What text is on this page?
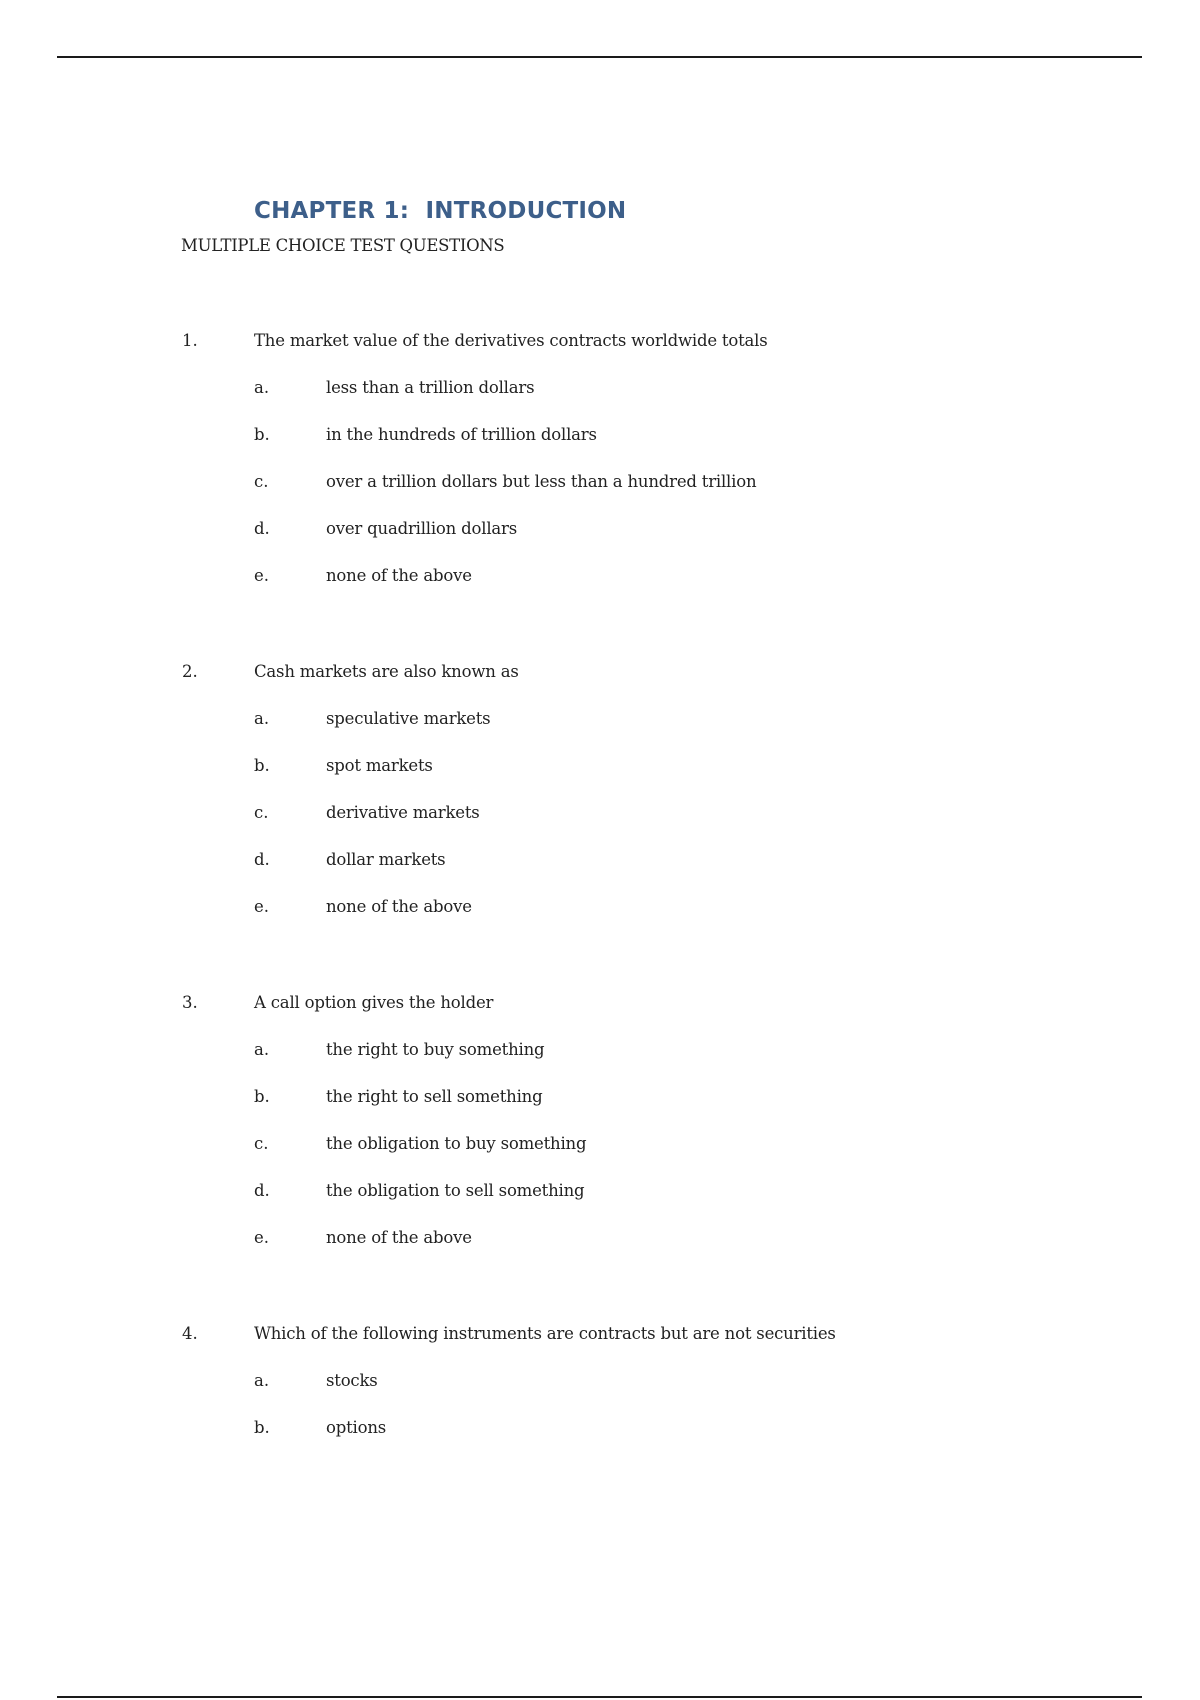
CHAPTER 1:  INTRODUCTION
MULTIPLE CHOICE TEST QUESTIONS
1.	The market value of the derivatives contracts worldwide totals
a.	less than a trillion dollars
b.	in the hundreds of trillion dollars
c.	over a trillion dollars but less than a hundred trillion
d.	over quadrillion dollars
e.	none of the above
2.	Cash markets are also known as
a.	speculative markets
b.	spot markets
c.	derivative markets
d.	dollar markets
e.	none of the above
3.	A call option gives the holder
a.	the right to buy something
b.	the right to sell something
c.	the obligation to buy something
d.	the obligation to sell something
e.	none of the above
4.	Which of the following instruments are contracts but are not securities
a.	stocks
b.	options
